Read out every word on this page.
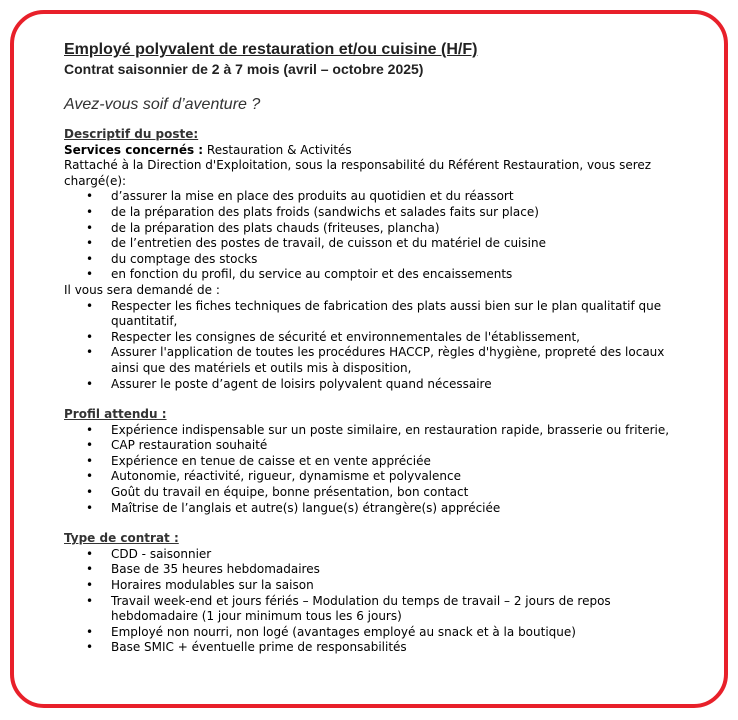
Employé polyvalent de restauration et/ou cuisine (H/F)

Contrat saisonnier de 2 à 7 mois (avril – octobre 2025)

Avez-vous soif d’aventure ?

Descriptif du poste:
Services concernés : Restauration & Activités

Rattaché à la Direction d'Exploitation, sous la responsabilité du Référent Restauration, vous serez chargé(e):

• d’assurer la mise en place des produits au quotidien et du réassort
• de la préparation des plats froids (sandwichs et salades faits sur place)
• de la préparation des plats chauds (friteuses, plancha)
• de l’entretien des postes de travail, de cuisson et du matériel de cuisine
• du comptage des stocks
• en fonction du profil, du service au comptoir et des encaissements

Il vous sera demandé de :

• Respecter les fiches techniques de fabrication des plats aussi bien sur le plan qualitatif que quantitatif,
• Respecter les consignes de sécurité et environnementales de l'établissement,
• Assurer l'application de toutes les procédures HACCP, règles d'hygiène, propreté des locaux ainsi que des matériels et outils mis à disposition,
• Assurer le poste d’agent de loisirs polyvalent quand nécessaire
Profil attendu :
• Expérience indispensable sur un poste similaire, en restauration rapide, brasserie ou friterie,
• CAP restauration souhaité
• Expérience en tenue de caisse et en vente appréciée
• Autonomie, réactivité, rigueur, dynamisme et polyvalence
• Goût du travail en équipe, bonne présentation, bon contact
• Maîtrise de l’anglais et autre(s) langue(s) étrangère(s) appréciée
Type de contrat :
• CDD - saisonnier
• Base de 35 heures hebdomadaires
• Horaires modulables sur la saison
• Travail week-end et jours fériés – Modulation du temps de travail – 2 jours de repos hebdomadaire (1 jour minimum tous les 6 jours)
• Employé non nourri, non logé (avantages employé au snack et à la boutique)
• Base SMIC + éventuelle prime de responsabilités
